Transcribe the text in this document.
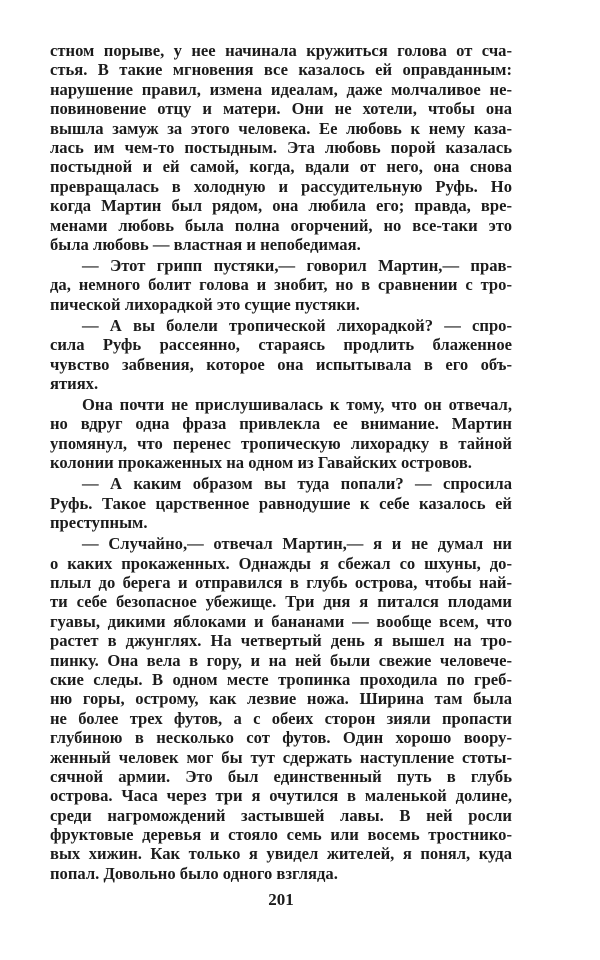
стном порыве, у нее начинала кружиться голова от сча-
стья. В такие мгновения все казалось ей оправданным:
нарушение правил, измена идеалам, даже молчаливое не-
повиновение отцу и матери. Они не хотели, чтобы она
вышла замуж за этого человека. Ее любовь к нему каза-
лась им чем-то постыдным. Эта любовь порой казалась
постыдной и ей самой, когда, вдали от него, она снова
превращалась в холодную и рассудительную Руфь. Но
когда Мартин был рядом, она любила его; правда, вре-
менами любовь была полна огорчений, но все-таки это
была любовь — властная и непобедимая.
— Этот грипп пустяки,— говорил Мартин,— прав-
да, немного болит голова и знобит, но в сравнении с тро-
пической лихорадкой это сущие пустяки.
— А вы болели тропической лихорадкой? — спро-
сила Руфь рассеянно, стараясь продлить блаженное
чувство забвения, которое она испытывала в его объ-
ятиях.
Она почти не прислушивалась к тому, что он отвечал,
но вдруг одна фраза привлекла ее внимание. Мартин
упомянул, что перенес тропическую лихорадку в тайной
колонии прокаженных на одном из Гавайских островов.
— А каким образом вы туда попали? — спросила
Руфь. Такое царственное равнодушие к себе казалось ей
преступным.
— Случайно,— отвечал Мартин,— я и не думал ни
о каких прокаженных. Однажды я сбежал со шхуны, до-
плыл до берега и отправился в глубь острова, чтобы най-
ти себе безопасное убежище. Три дня я питался плодами
гуавы, дикими яблоками и бананами — вообще всем, что
растет в джунглях. На четвертый день я вышел на тро-
пинку. Она вела в гору, и на ней были свежие человече-
ские следы. В одном месте тропинка проходила по греб-
ню горы, острому, как лезвие ножа. Ширина там была
не более трех футов, а с обеих сторон зияли пропасти
глубиною в несколько сот футов. Один хорошо воору-
женный человек мог бы тут сдержать наступление стоты-
сячной армии. Это был единственный путь в глубь
острова. Часа через три я очутился в маленькой долине,
среди нагромождений застывшей лавы. В ней росли
фруктовые деревья и стояло семь или восемь тростнико-
вых хижин. Как только я увидел жителей, я понял, куда
попал. Довольно было одного взгляда.
201
